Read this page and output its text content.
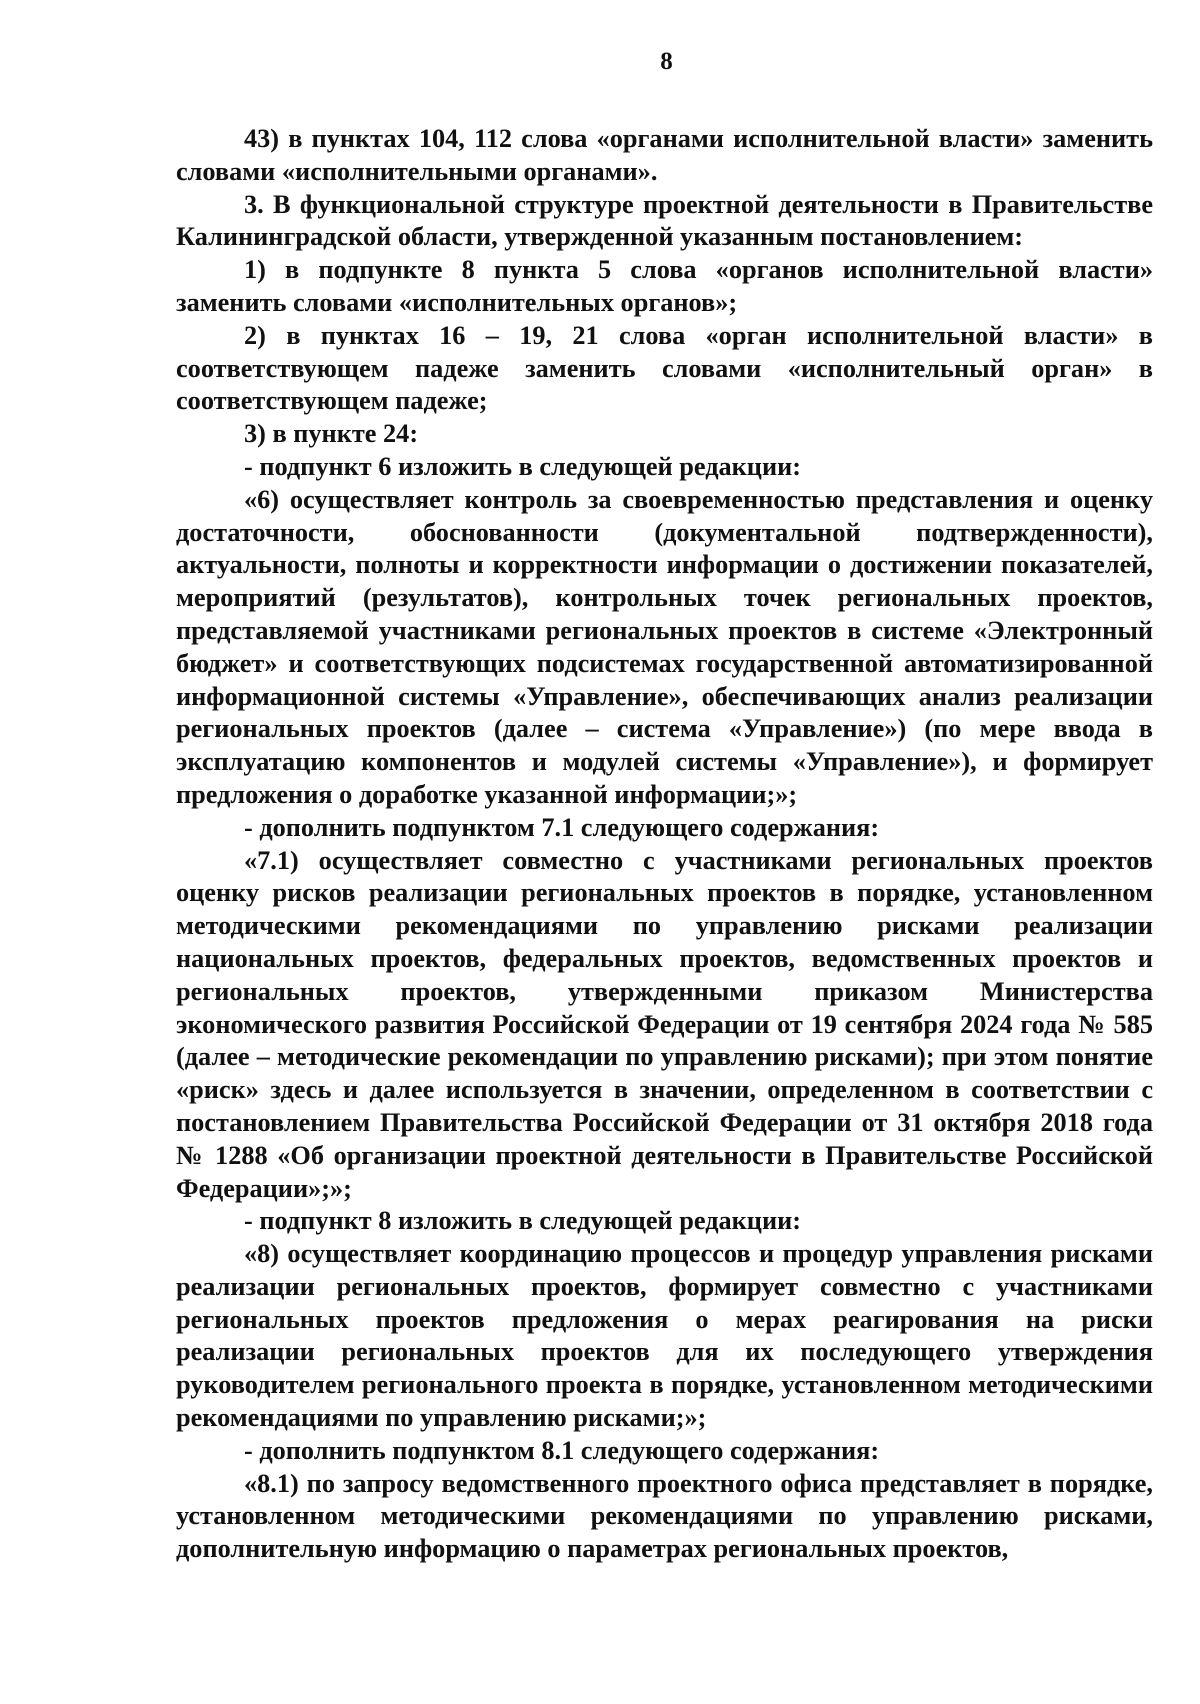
8

43) в пунктах 104, 112 слова «органами исполнительной власти» заменить словами «исполнительными органами».

3. В функциональной структуре проектной деятельности в Правительстве Калининградской области, утвержденной указанным постановлением:

1) в подпункте 8 пункта 5 слова «органов исполнительной власти» заменить словами «исполнительных органов»;

2) в пунктах 16 – 19, 21 слова «орган исполнительной власти» в соответствующем падеже заменить словами «исполнительный орган» в соответствующем падеже;

3) в пункте 24:

- подпункт 6 изложить в следующей редакции:

«6) осуществляет контроль за своевременностью представления и оценку достаточности, обоснованности (документальной подтвержденности), актуальности, полноты и корректности информации о достижении показателей, мероприятий (результатов), контрольных точек региональных проектов, представляемой участниками региональных проектов в системе «Электронный бюджет» и соответствующих подсистемах государственной автоматизированной информационной системы «Управление», обеспечивающих анализ реализации региональных проектов (далее – система «Управление») (по мере ввода в эксплуатацию компонентов и модулей системы «Управление»), и формирует предложения о доработке указанной информации;»;

- дополнить подпунктом 7.1 следующего содержания:

«7.1) осуществляет совместно с участниками региональных проектов оценку рисков реализации региональных проектов в порядке, установленном методическими рекомендациями по управлению рисками реализации национальных проектов, федеральных проектов, ведомственных проектов и региональных проектов, утвержденными приказом Министерства экономического развития Российской Федерации от 19 сентября 2024 года № 585 (далее – методические рекомендации по управлению рисками); при этом понятие «риск» здесь и далее используется в значении, определенном в соответствии с постановлением Правительства Российской Федерации от 31 октября 2018 года № 1288 «Об организации проектной деятельности в Правительстве Российской Федерации»;»;

- подпункт 8 изложить в следующей редакции:

«8) осуществляет координацию процессов и процедур управления рисками реализации региональных проектов, формирует совместно с участниками региональных проектов предложения о мерах реагирования на риски реализации региональных проектов для их последующего утверждения руководителем регионального проекта в порядке, установленном методическими рекомендациями по управлению рисками;»;

- дополнить подпунктом 8.1 следующего содержания:

«8.1) по запросу ведомственного проектного офиса представляет в порядке, установленном методическими рекомендациями по управлению рисками, дополнительную информацию о параметрах региональных проектов,
